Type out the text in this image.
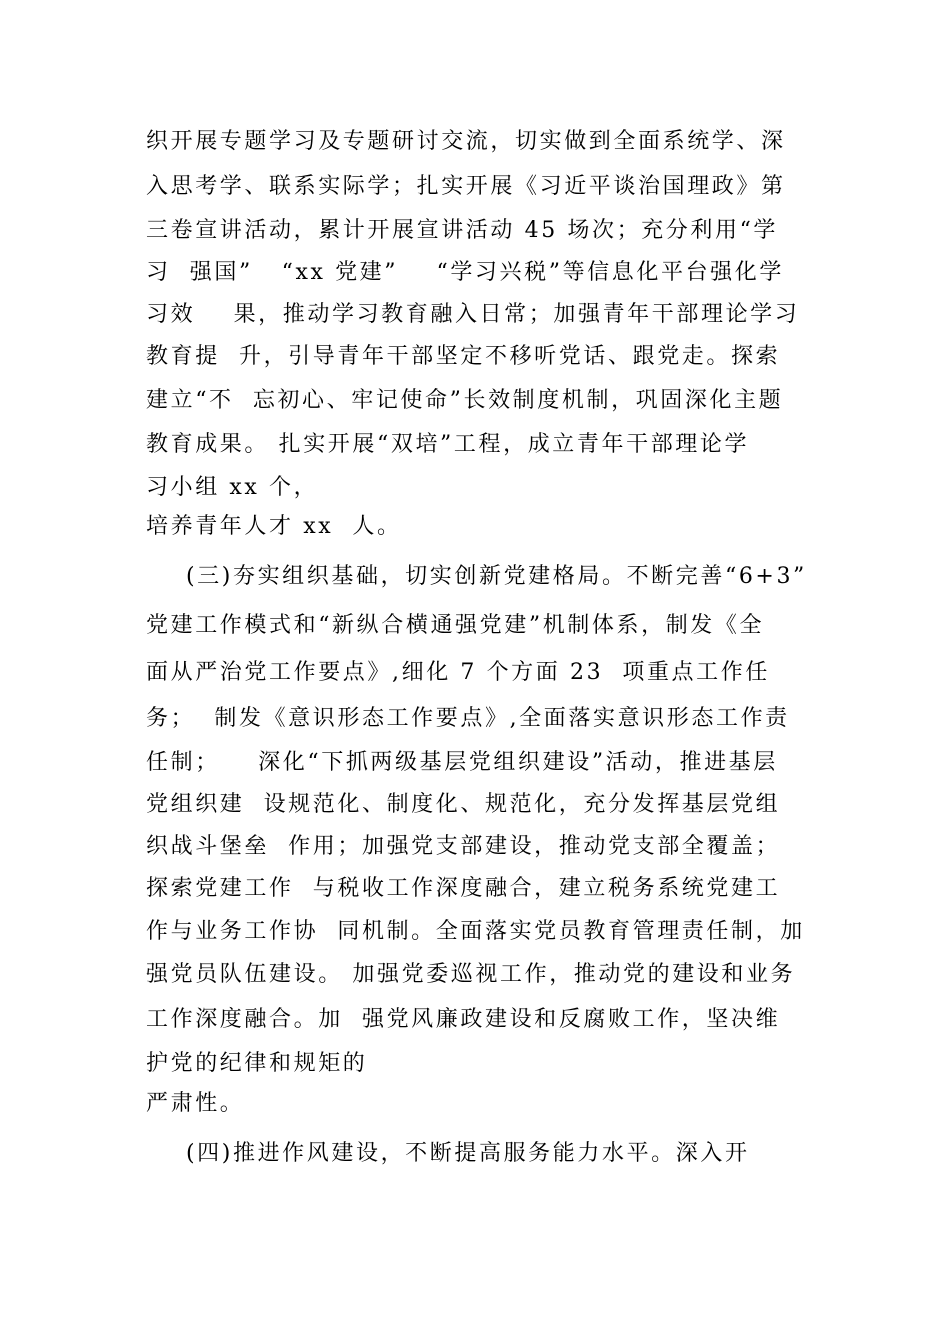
织开展专题学习及专题研讨交流，切实做到全面系统学、深
入思考学、联系实际学；扎实开展《习近平谈治国理政》第
三卷宣讲活动，累计开展宣讲活动 45 场次；充分利用“学
习  强国”   “xx 党建”    “学习兴税”等信息化平台强化学
习效    果，推动学习教育融入日常；加强青年干部理论学习
教育提  升，引导青年干部坚定不移听党话、跟党走。探索
建立“不  忘初心、牢记使命”长效制度机制，巩固深化主题
教育成果。 扎实开展“双培”工程，成立青年干部理论学
习小组 xx 个，
培养青年人才 xx  人。
(三)夯实组织基础，切实创新党建格局。不断完善“6+3”
党建工作模式和“新纵合横通强党建”机制体系，制发《全
面从严治党工作要点》,细化 7 个方面 23  项重点工作任
务；  制发《意识形态工作要点》,全面落实意识形态工作责
任制；    深化“下抓两级基层党组织建设”活动，推进基层
党组织建  设规范化、制度化、规范化，充分发挥基层党组
织战斗堡垒  作用；加强党支部建设，推动党支部全覆盖；
探索党建工作  与税收工作深度融合，建立税务系统党建工
作与业务工作协  同机制。全面落实党员教育管理责任制，加
强党员队伍建设。 加强党委巡视工作，推动党的建设和业务
工作深度融合。加  强党风廉政建设和反腐败工作，坚决维
护党的纪律和规矩的
严肃性。
(四)推进作风建设，不断提高服务能力水平。深入开
